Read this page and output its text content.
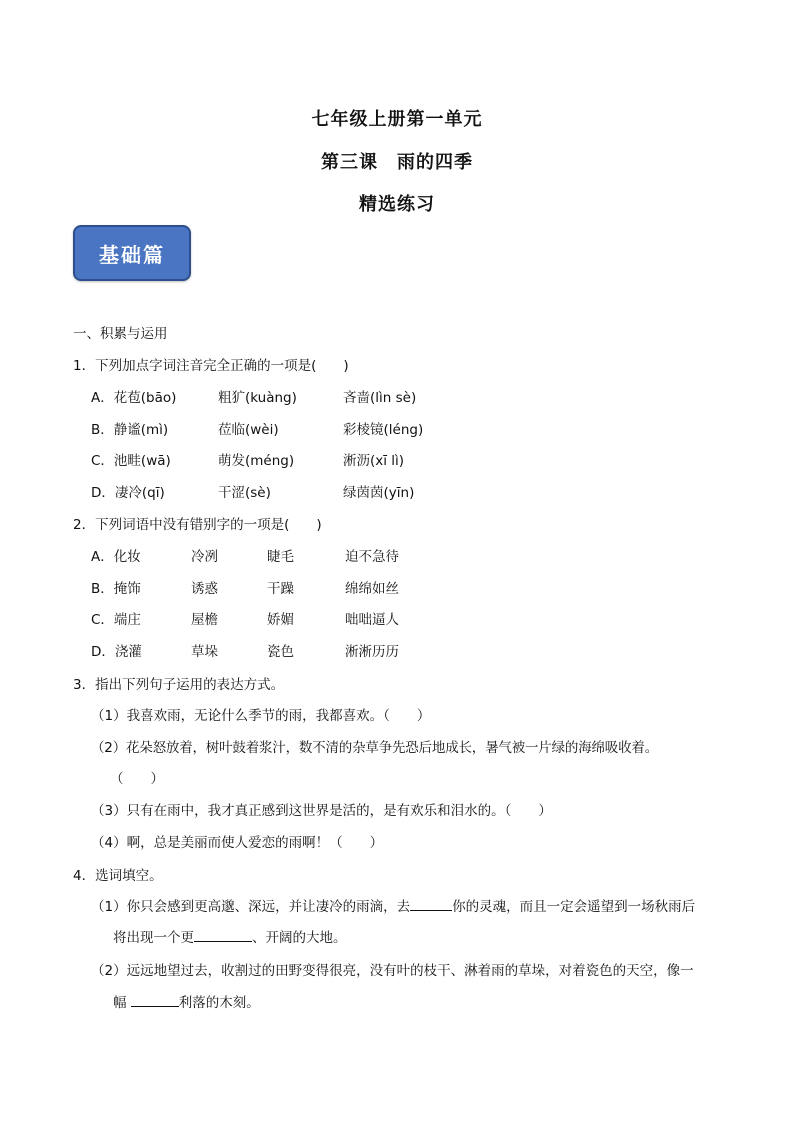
七年级上册第一单元
第三课　雨的四季
精选练习
基础篇
一、积累与运用
1．下列加点字词注音完全正确的一项是(　　)
A．花苞(bāo)	粗犷(kuàng)	吝啬(lìn sè)
B．静谧(mì)	莅临(wèi)	彩棱镜(léng)
C．池畦(wā)	萌发(méng)	淅沥(xī lì)
D．凄冷(qī)	干涩(sè)	绿茵茵(yīn)
2．下列词语中没有错别字的一项是(　　)
A．化妆	冷冽	睫毛	迫不急待
B．掩饰	诱惑	干躁	绵绵如丝
C．端庄	屋檐	娇媚	咄咄逼人
D．浇灌	草垛	瓷色	淅淅历历
3．指出下列句子运用的表达方式。
（1）我喜欢雨，无论什么季节的雨，我都喜欢。（　　）
（2）花朵怒放着，树叶鼓着浆汁，数不清的杂草争先恐后地成长，暑气被一片绿的海绵吸收着。
（　　）
（3）只有在雨中，我才真正感到这世界是活的，是有欢乐和泪水的。（　　）
（4）啊，总是美丽而使人爱恋的雨啊！（　　）
4．选词填空。
（1）你只会感到更高邈、深远，并让凄冷的雨滴，去	你的灵魂，而且一定会遥望到一场秋雨后
将出现一个更	、开阔的大地。
（2）远远地望过去，收割过的田野变得很亮，没有叶的枝干、淋着雨的草垛，对着瓷色的天空，像一
幅	利落的木刻。
